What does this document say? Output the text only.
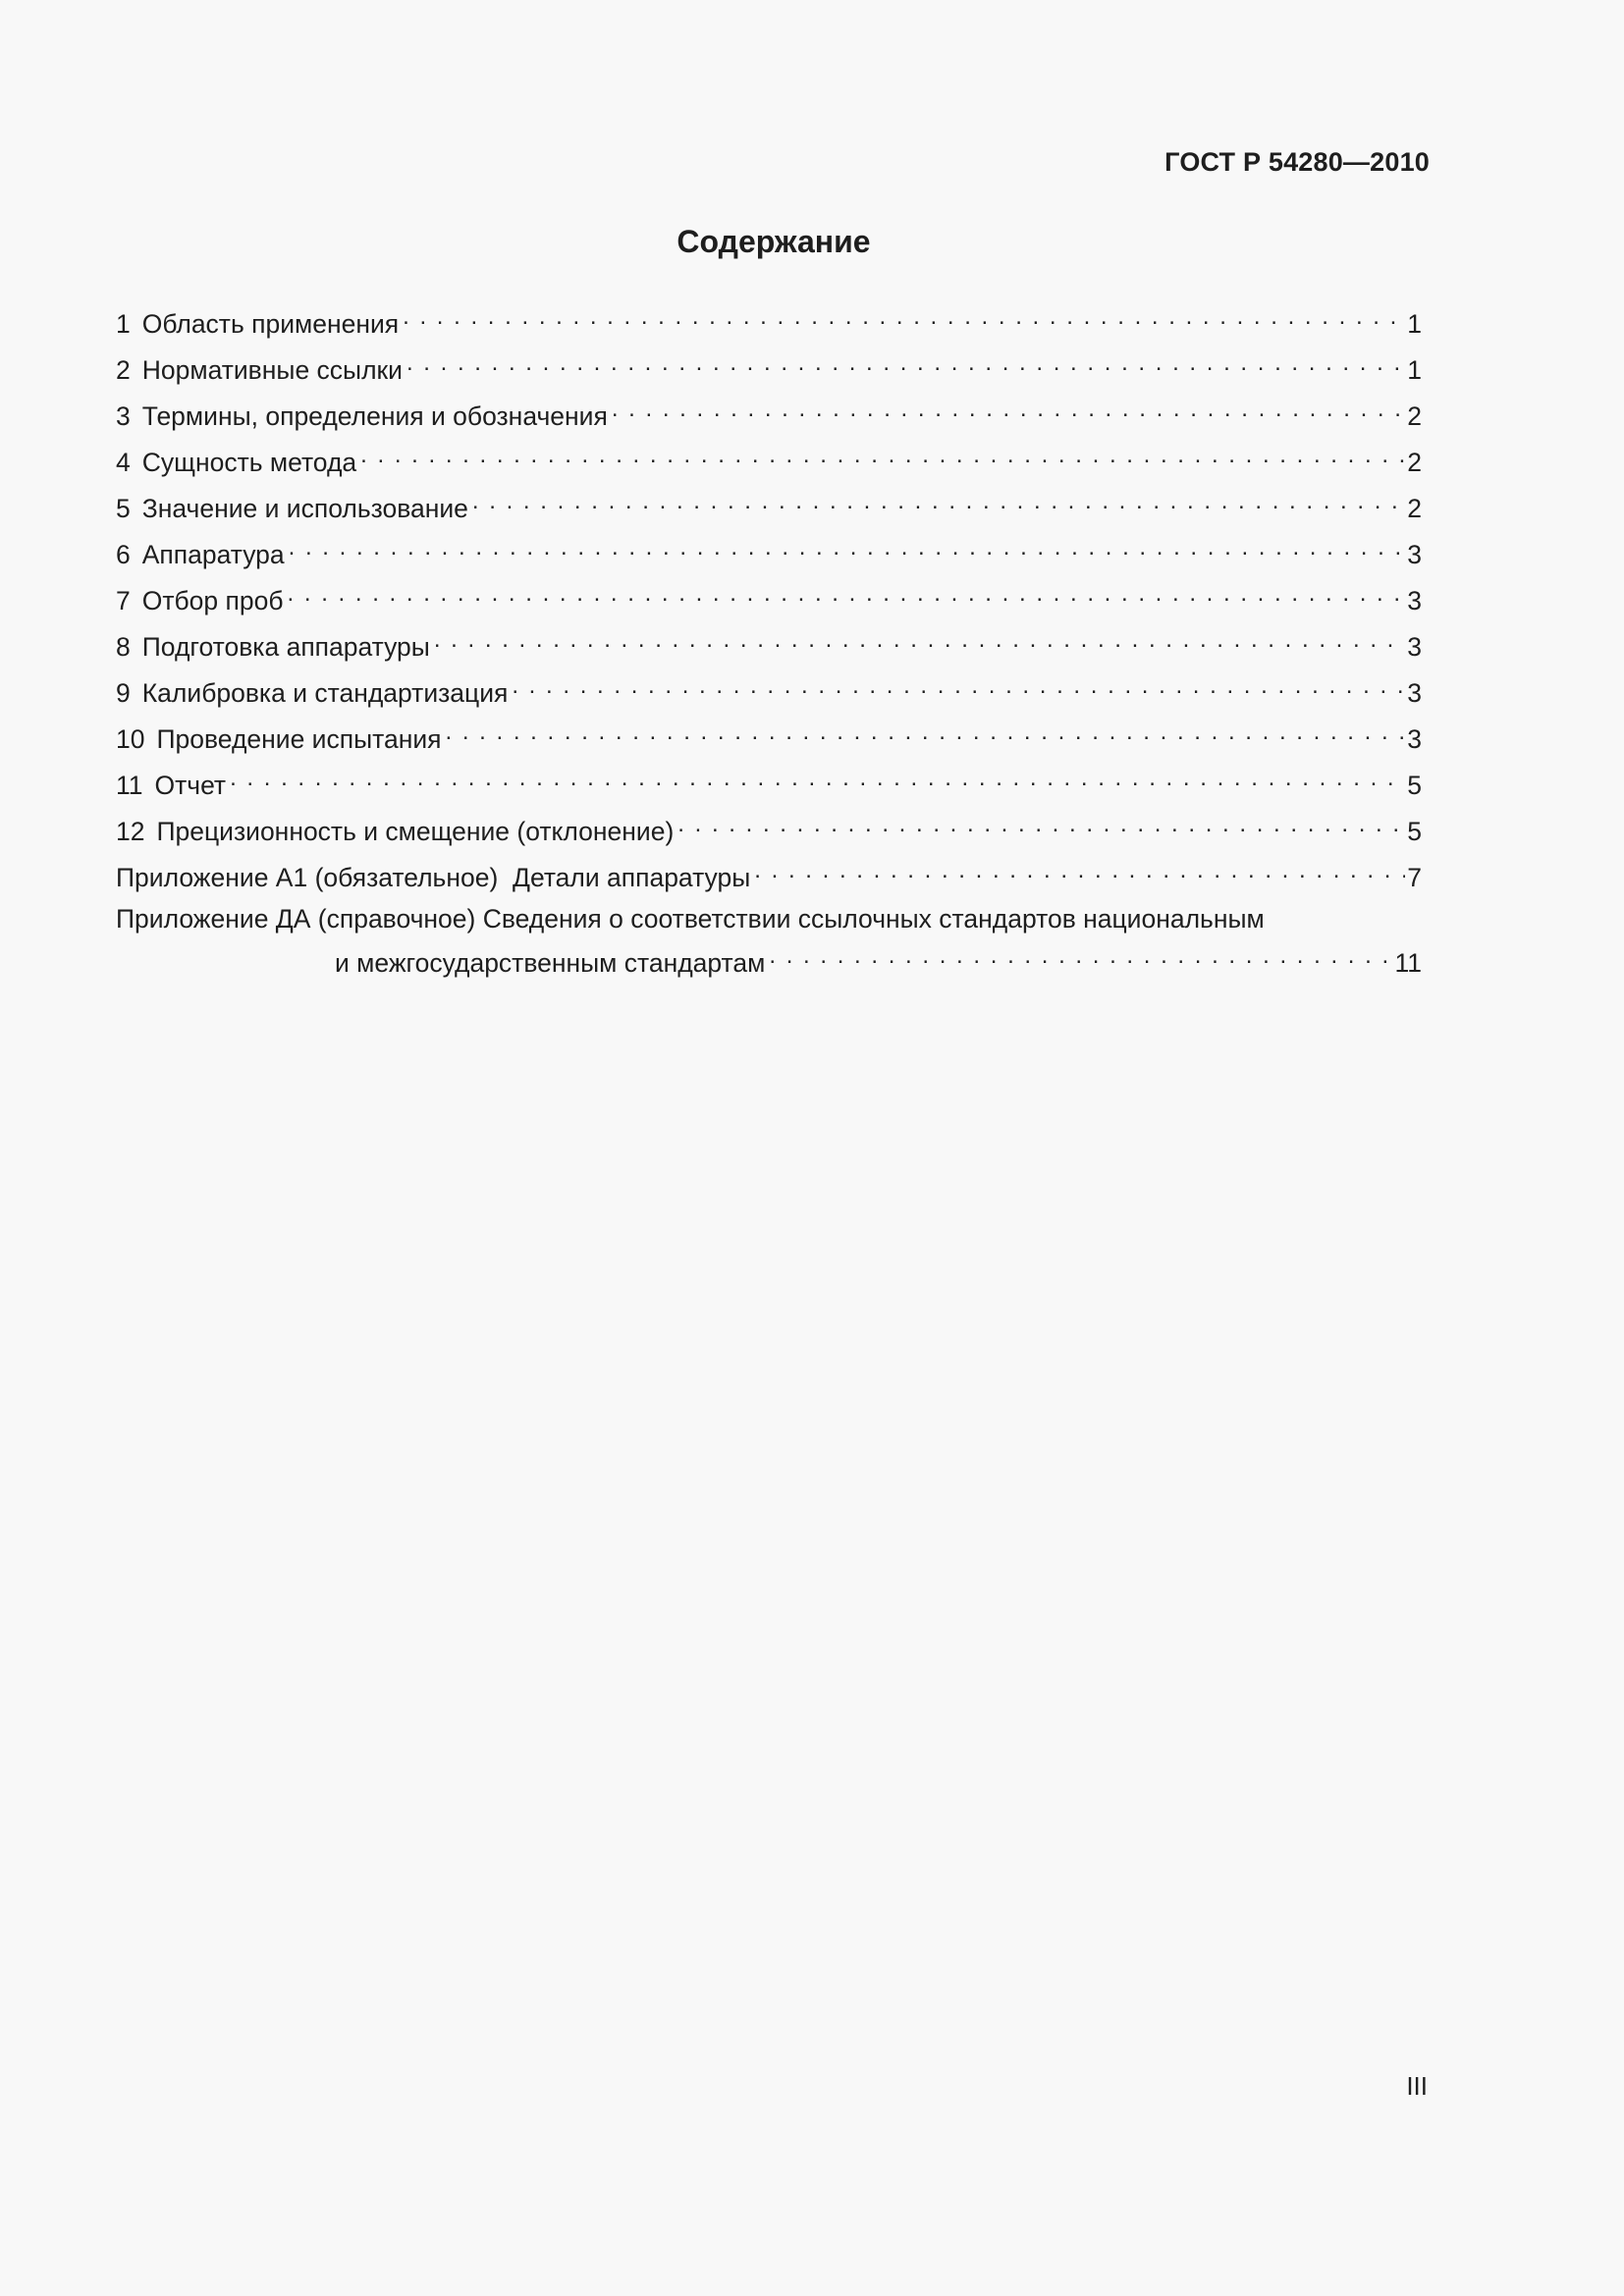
ГОСТ Р 54280—2010
Содержание
1 Область применения . . .	1
2 Нормативные ссылки . . .	1
3 Термины, определения и обозначения . . .	2
4 Сущность метода . . .	2
5 Значение и использование . . .	2
6 Аппаратура . . .	3
7 Отбор проб . . .	3
8 Подготовка аппаратуры . . .	3
9 Калибровка и стандартизация . . .	3
10 Проведение испытания . . .	3
11 Отчет . . .	5
12 Прецизионность и смещение (отклонение) . . .	5
Приложение А1 (обязательное)  Детали аппаратуры . . .	7
Приложение ДА (справочное) Сведения о соответствии ссылочных стандартов национальным
и межгосударственным стандартам . . .	11
III
